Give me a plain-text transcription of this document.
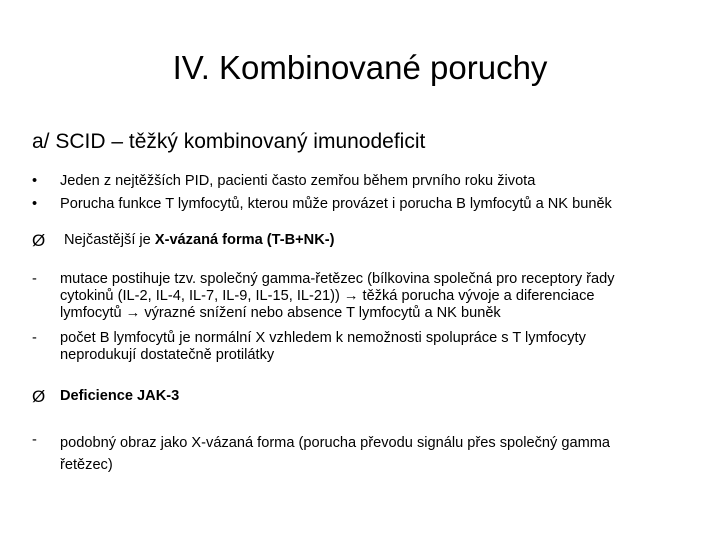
IV. Kombinované poruchy
a/ SCID – těžký kombinovaný imunodeficit
•	Jeden z nejtěžších PID, pacienti často zemřou během prvního roku života
•	Porucha funkce T lymfocytů, kterou může provázet i porucha B lymfocytů a NK buněk
Ø	Nejčastější je X-vázaná forma (T-B+NK-)
-	mutace postihuje tzv. společný gamma-řetězec (bílkovina společná pro receptory řady
cytokinů (IL-2, IL-4, IL-7, IL-9, IL-15, IL-21)) → těžká porucha vývoje a diferenciace
lymfocytů → výrazné snížení nebo absence T lymfocytů a NK buněk
-	počet B lymfocytů je normální X vzhledem k nemožnosti spolupráce s T lymfocyty
neprodukují dostatečně protilátky
Ø	Deficience JAK-3
-	podobný obraz jako X-vázaná forma (porucha převodu signálu přes společný gamma
řetězec)
